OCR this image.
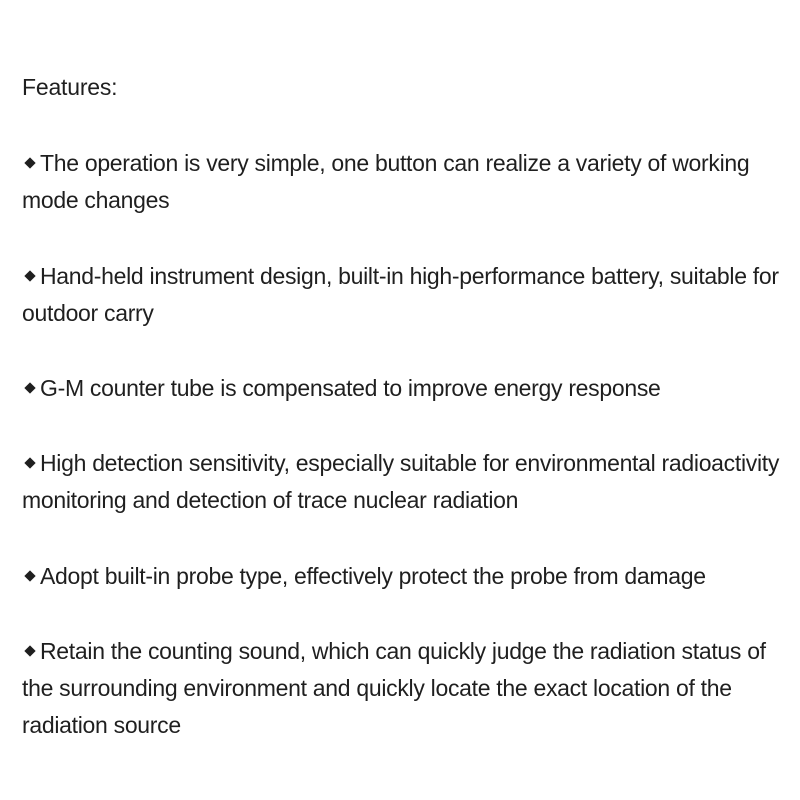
Features:
The operation is very simple, one button can realize a variety of working mode changes
Hand-held instrument design, built-in high-performance battery, suitable for outdoor carry
G-M counter tube is compensated to improve energy response
High detection sensitivity, especially suitable for environmental radioactivity monitoring and detection of trace nuclear radiation
Adopt built-in probe type, effectively protect the probe from damage
Retain the counting sound, which can quickly judge the radiation status of the surrounding environment and quickly locate the exact location of the radiation source
